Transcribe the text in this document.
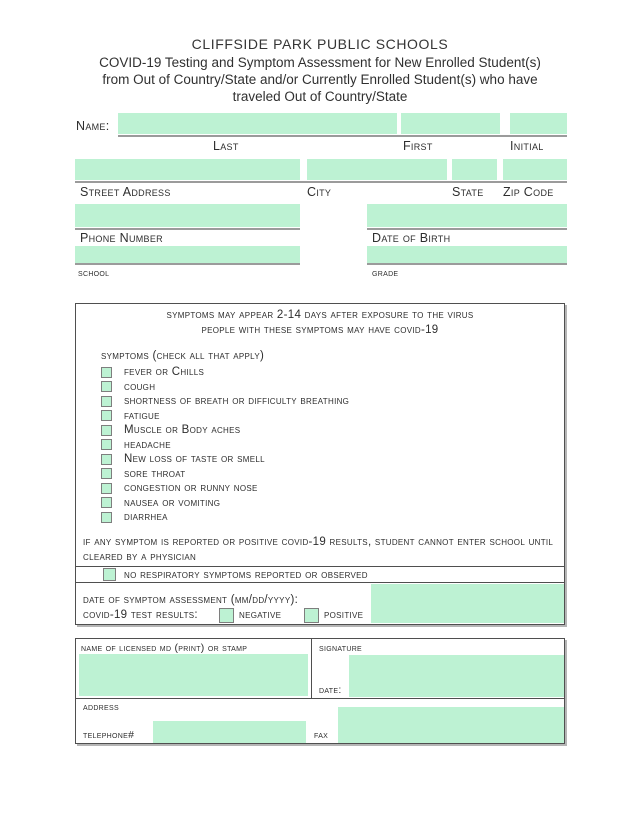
CLIFFSIDE PARK PUBLIC SCHOOLS
COVID-19 Testing and Symptom Assessment for New Enrolled Student(s)
from Out of Country/State and/or Currently Enrolled Student(s) who have
traveled Out of Country/State
Name:
Last	First	Initial
Street Address	City	State Zip Code
Phone Number	Date of Birth
school	grade
symptoms may appear 2-14 days after exposure to the virus
people with these symptoms may have covid-19
symptoms (check all that apply)
fever or Chills
cough
shortness of breath or difficulty breathing
fatigue
Muscle or Body aches
headache
New loss of taste or smell
sore throat
congestion or runny nose
nausea or vomiting
diarrhea
if any symptom is reported or positive covid-19 results, student cannot enter school until cleared by a physician
no respiratory symptoms reported or observed
date of symptom assessment (mm/dd/yyyy):
covid-19 test results:	negative	positive
name of licensed md (print) or stamp	signature
date:
address
telephone#	fax
